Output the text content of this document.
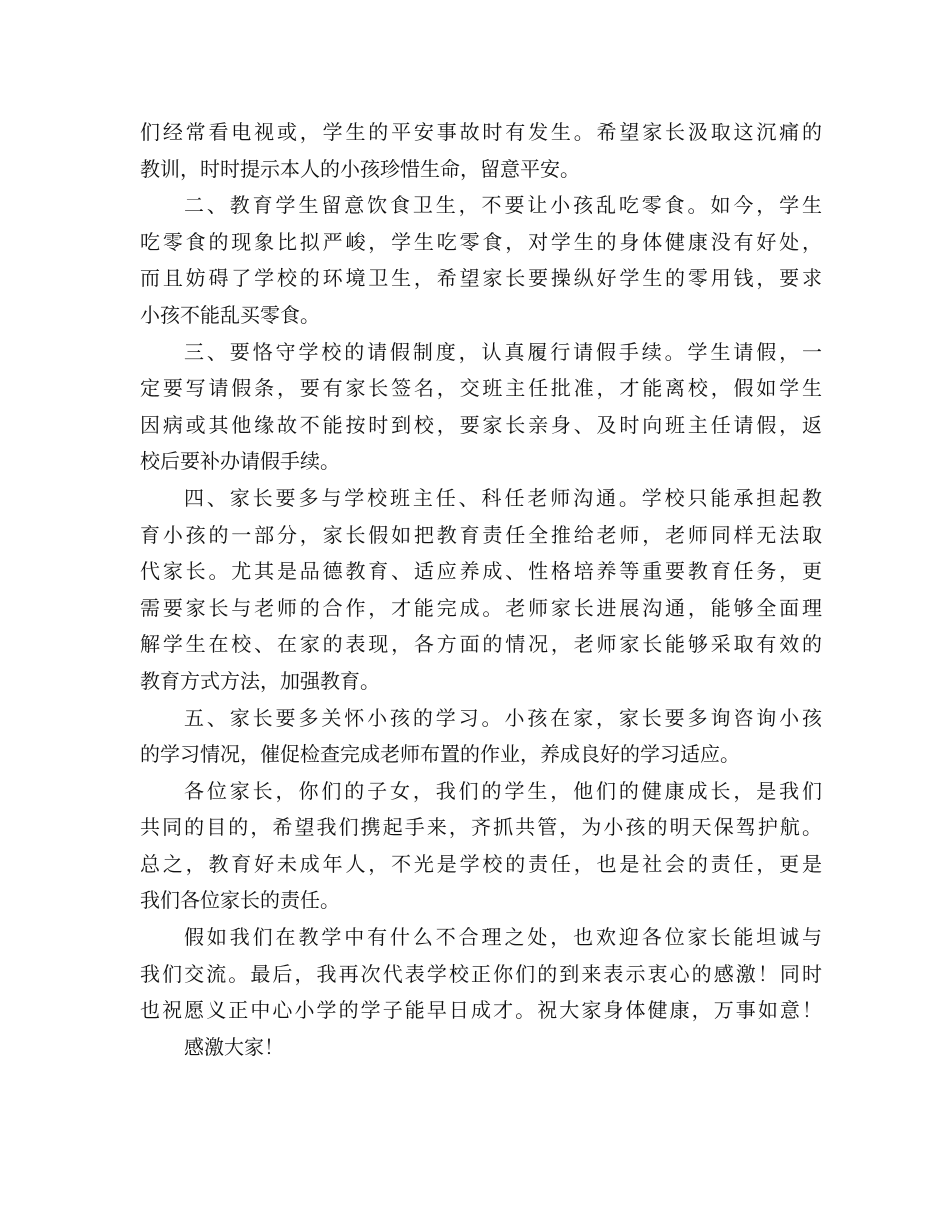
们经常看电视或，学生的平安事故时有发生。希望家长汲取这沉痛的
教训，时时提示本人的小孩珍惜生命，留意平安。
二、教育学生留意饮食卫生，不要让小孩乱吃零食。如今，学生
吃零食的现象比拟严峻，学生吃零食，对学生的身体健康没有好处，
而且妨碍了学校的环境卫生，希望家长要操纵好学生的零用钱，要求
小孩不能乱买零食。
三、要恪守学校的请假制度，认真履行请假手续。学生请假，一
定要写请假条，要有家长签名，交班主任批准，才能离校，假如学生
因病或其他缘故不能按时到校，要家长亲身、及时向班主任请假，返
校后要补办请假手续。
四、家长要多与学校班主任、科任老师沟通。学校只能承担起教
育小孩的一部分，家长假如把教育责任全推给老师，老师同样无法取
代家长。尤其是品德教育、适应养成、性格培养等重要教育任务，更
需要家长与老师的合作，才能完成。老师家长进展沟通，能够全面理
解学生在校、在家的表现，各方面的情况，老师家长能够采取有效的
教育方式方法，加强教育。
五、家长要多关怀小孩的学习。小孩在家，家长要多询咨询小孩
的学习情况，催促检查完成老师布置的作业，养成良好的学习适应。
各位家长，你们的子女，我们的学生，他们的健康成长，是我们
共同的目的，希望我们携起手来，齐抓共管，为小孩的明天保驾护航。
总之，教育好未成年人，不光是学校的责任，也是社会的责任，更是
我们各位家长的责任。
假如我们在教学中有什么不合理之处，也欢迎各位家长能坦诚与
我们交流。最后，我再次代表学校正你们的到来表示衷心的感激！同时
也祝愿义正中心小学的学子能早日成才。祝大家身体健康，万事如意！
感激大家！
